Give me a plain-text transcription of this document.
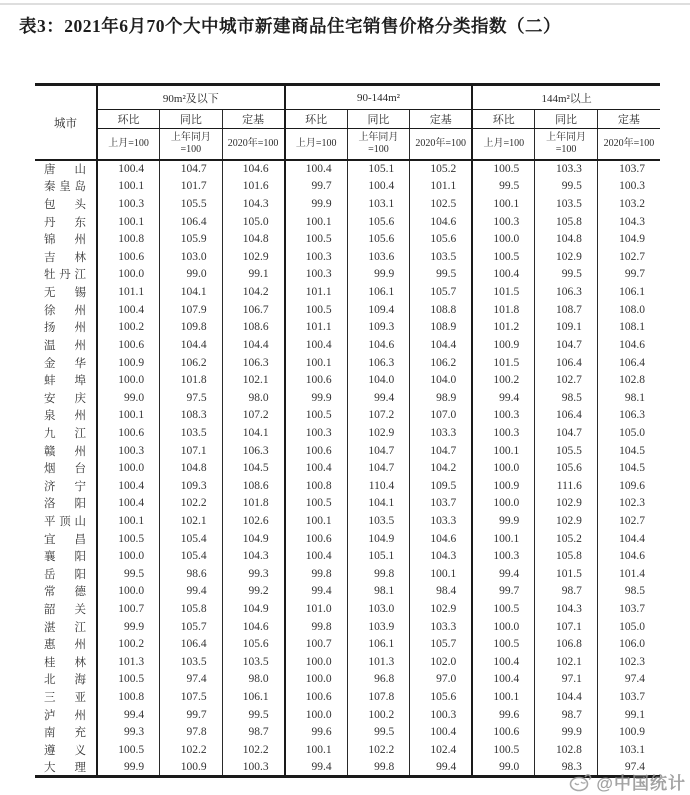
表3：2021年6月70个大中城市新建商品住宅销售价格分类指数（二）
城市	90m²及以下			90-144m²			144m²以上		
	环比	同比	定基	环比	同比	定基	环比	同比	定基
	上月=100	上年同月=100	2020年=100	上月=100	上年同月=100	2020年=100	上月=100	上年同月=100	2020年=100

唐 山	100.4	104.7	104.6	100.4	105.1	105.2	100.5	103.3	103.7

秦 皇 岛	100.1	101.7	101.6	99.7	100.4	101.1	99.5	99.5	100.3

包 头	100.3	105.5	104.3	99.9	103.1	102.5	100.1	103.5	103.2

丹 东	100.1	106.4	105.0	100.1	105.6	104.6	100.3	105.8	104.3

锦 州	100.8	105.9	104.8	100.5	105.6	105.6	100.0	104.8	104.9

吉 林	100.6	103.0	102.9	100.3	103.6	103.5	100.5	102.9	102.7

牡 丹 江	100.0	99.0	99.1	100.3	99.9	99.5	100.4	99.5	99.7

无 锡	101.1	104.1	104.2	101.1	106.1	105.7	101.5	106.3	106.1

徐 州	100.4	107.9	106.7	100.5	109.4	108.8	101.8	108.7	108.0

扬 州	100.2	109.8	108.6	101.1	109.3	108.9	101.2	109.1	108.1

温 州	100.6	104.4	104.4	100.4	104.6	104.4	100.9	104.7	104.6

金 华	100.9	106.2	106.3	100.1	106.3	106.2	101.5	106.4	106.4

蚌 埠	100.0	101.8	102.1	100.6	104.0	104.0	100.2	102.7	102.8

安 庆	99.0	97.5	98.0	99.9	99.4	98.9	99.4	98.5	98.1

泉 州	100.1	108.3	107.2	100.5	107.2	107.0	100.3	106.4	106.3

九 江	100.6	103.5	104.1	100.3	102.9	103.3	100.3	104.7	105.0

赣 州	100.3	107.1	106.3	100.6	104.7	104.7	100.1	105.5	104.5

烟 台	100.0	104.8	104.5	100.4	104.7	104.2	100.0	105.6	104.5

济 宁	100.4	109.3	108.6	100.8	110.4	109.5	100.9	111.6	109.6

洛 阳	100.4	102.2	101.8	100.5	104.1	103.7	100.0	102.9	102.3

平 顶 山	100.1	102.1	102.6	100.1	103.5	103.3	99.9	102.9	102.7

宜 昌	100.5	105.4	104.9	100.6	104.9	104.6	100.1	105.2	104.4

襄 阳	100.0	105.4	104.3	100.4	105.1	104.3	100.3	105.8	104.6

岳 阳	99.5	98.6	99.3	99.8	99.8	100.1	99.4	101.5	101.4

常 德	100.0	99.4	99.2	99.4	98.1	98.4	99.7	98.7	98.5

韶 关	100.7	105.8	104.9	101.0	103.0	102.9	100.5	104.3	103.7

湛 江	99.9	105.7	104.6	99.8	103.9	103.3	100.0	107.1	105.0

惠 州	100.2	106.4	105.6	100.7	106.1	105.7	100.5	106.8	106.0

桂 林	101.3	103.5	103.5	100.0	101.3	102.0	100.4	102.1	102.3

北 海	100.5	97.4	98.0	100.0	96.8	97.0	100.4	97.1	97.4

三 亚	100.8	107.5	106.1	100.6	107.8	105.6	100.1	104.4	103.7

泸 州	99.4	99.7	99.5	100.0	100.2	100.3	99.6	98.7	99.1

南 充	99.3	97.8	98.7	99.6	99.5	100.4	100.6	99.9	100.9

遵 义	100.5	102.2	102.2	100.1	102.2	102.4	100.5	102.8	103.1

大 理	99.9	100.9	100.3	99.4	99.8	99.4	99.0	98.3	97.4
@中国统计
